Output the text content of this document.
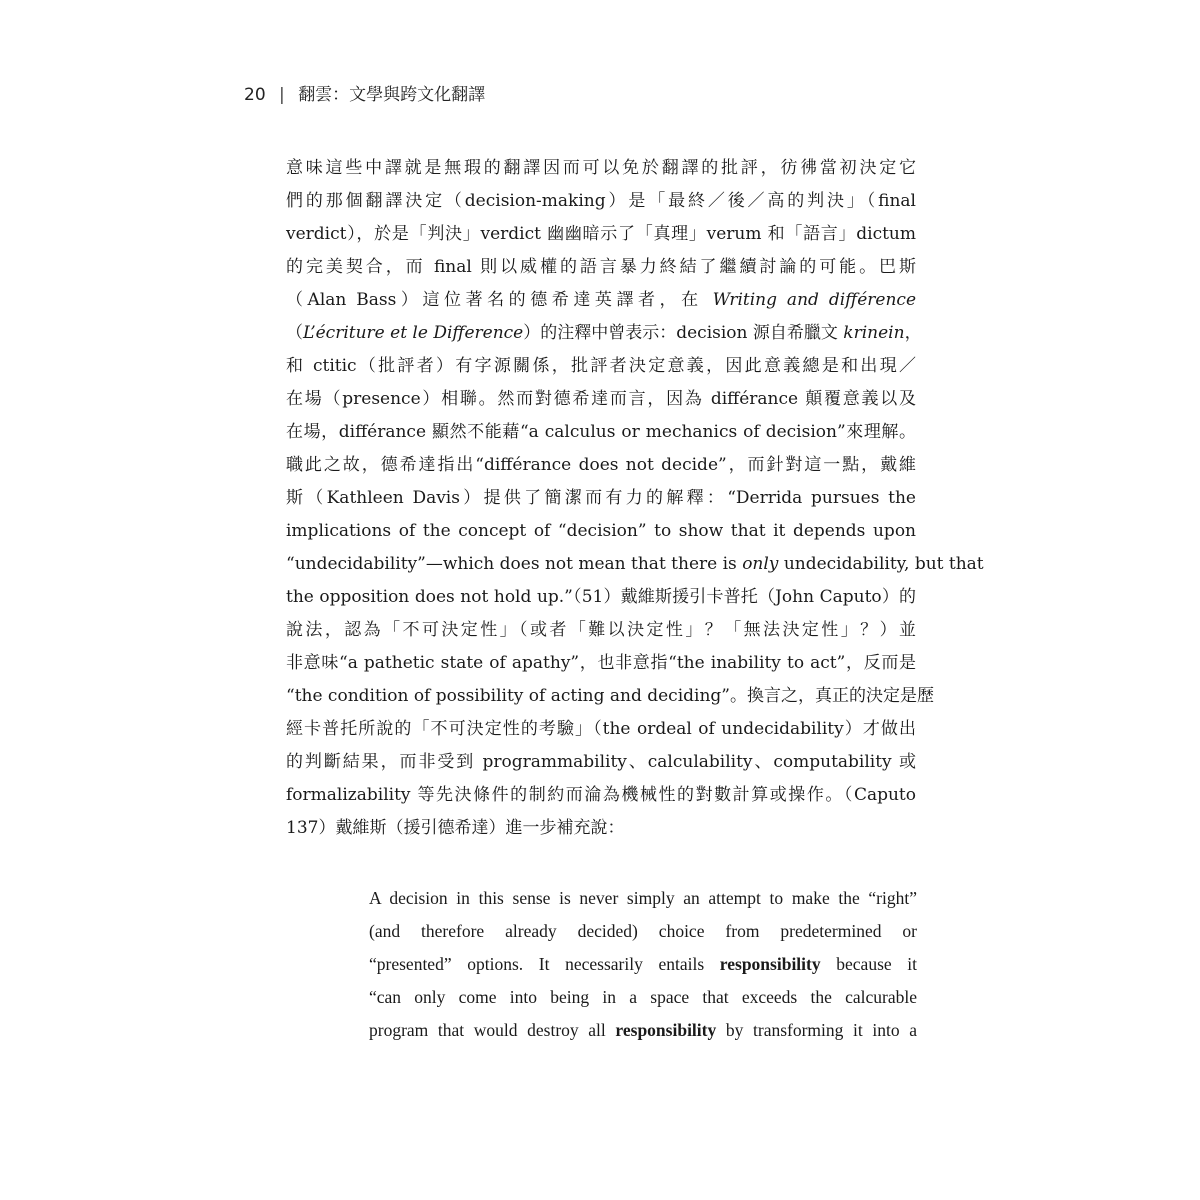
20 | 翻雲：文學與跨文化翻譯
意味這些中譯就是無瑕的翻譯因而可以免於翻譯的批評，彷彿當初決定它
們的那個翻譯決定（decision-making）是「最終／後／高的判決」（final
verdict），於是「判決」verdict 幽幽暗示了「真理」verum 和「語言」dictum
的完美契合，而 final 則以威權的語言暴力終結了繼續討論的可能。巴斯
（Alan Bass）這位著名的德希達英譯者，在 Writing and différence
（L’écriture et le Difference）的注釋中曾表示：decision 源自希臘文 krinein，
和 ctitic（批評者）有字源關係，批評者決定意義，因此意義總是和出現／
在場（presence）相聯。然而對德希達而言，因為 différance 顛覆意義以及
在場，différance 顯然不能藉“a calculus or mechanics of decision”來理解。
職此之故，德希達指出“différance does not decide”，而針對這一點，戴維
斯（Kathleen Davis）提供了簡潔而有力的解釋：“Derrida pursues the
implications of the concept of “decision” to show that it depends upon
“undecidability”—which does not mean that there is only undecidability, but that
the opposition does not hold up.”（51）戴維斯援引卡普托（John Caputo）的
說法，認為「不可決定性」（或者「難以決定性」？「無法決定性」？）並
非意味“a pathetic state of apathy”，也非意指“the inability to act”，反而是
“the condition of possibility of acting and deciding”。換言之，真正的決定是歷
經卡普托所說的「不可決定性的考驗」（the ordeal of undecidability）才做出
的判斷結果，而非受到 programmability、calculability、computability 或
formalizability 等先決條件的制約而淪為機械性的對數計算或操作。（Caputo
137）戴維斯（援引德希達）進一步補充說：
A decision in this sense is never simply an attempt to make the “right”
(and therefore already decided) choice from predetermined or
“presented” options. It necessarily entails responsibility because it
“can only come into being in a space that exceeds the calcurable
program that would destroy all responsibility by transforming it into a
